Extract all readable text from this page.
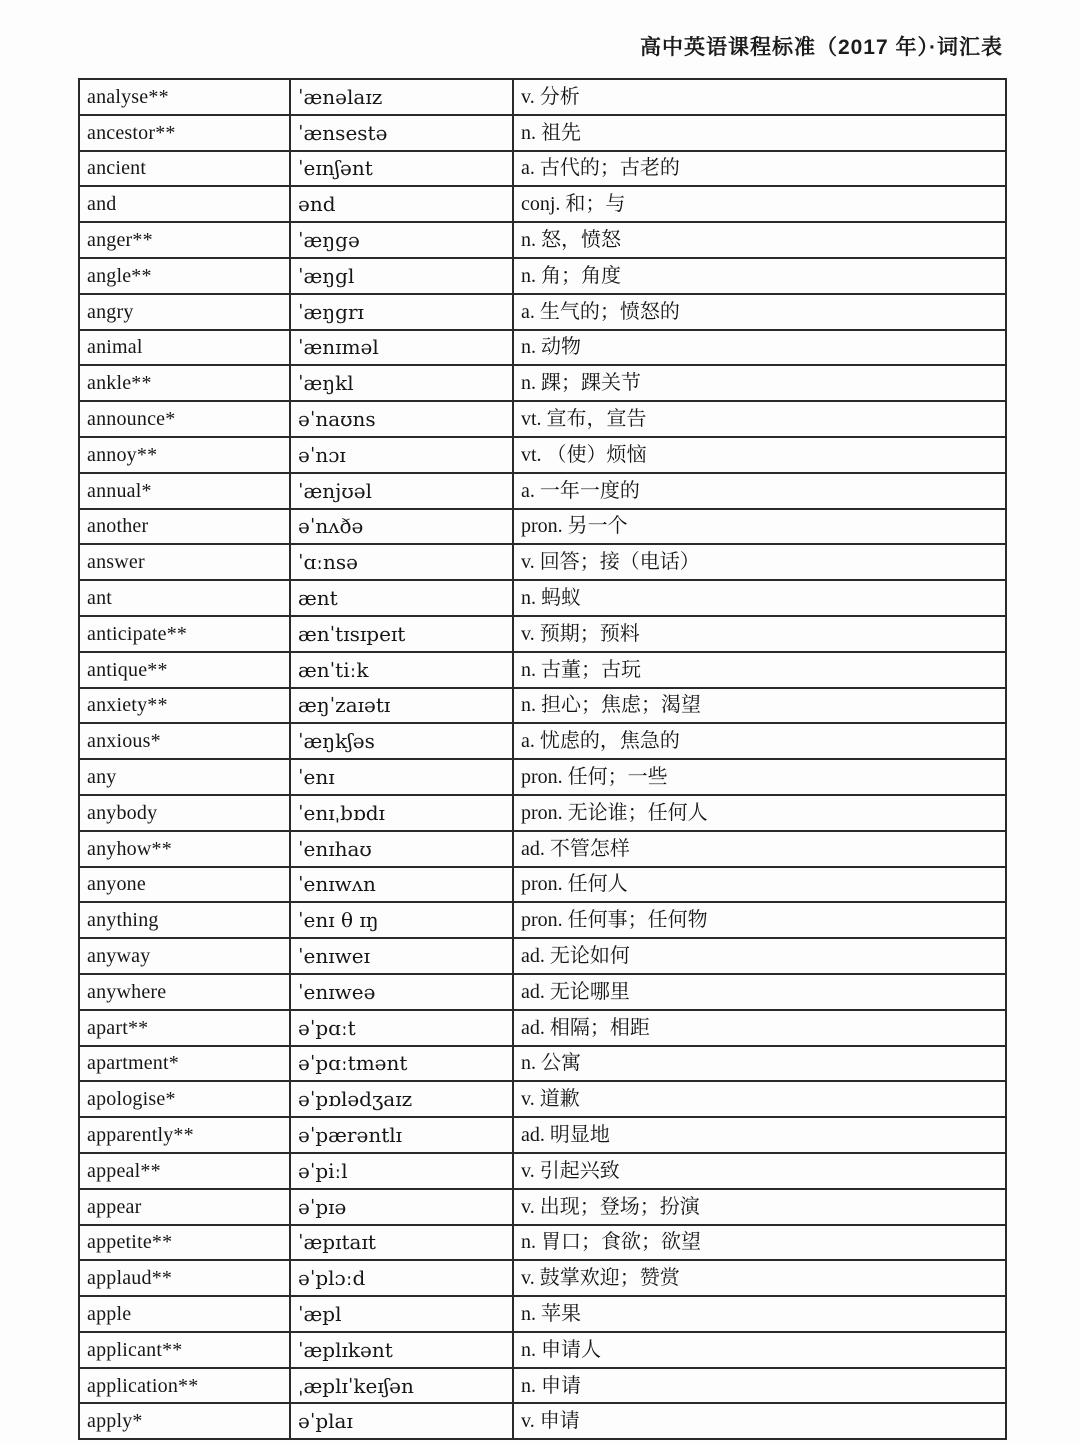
高中英语课程标准（2017 年）·词汇表
analyse**	ˈænəlaɪz	v. 分析
ancestor**	ˈænsestə	n. 祖先
ancient	ˈeɪnʃənt	a. 古代的；古老的
and	ənd	conj. 和；与
anger**	ˈæŋgə	n. 怒，愤怒
angle**	ˈæŋgl	n. 角；角度
angry	ˈæŋgrɪ	a. 生气的；愤怒的
animal	ˈænɪməl	n. 动物
ankle**	ˈæŋkl	n. 踝；踝关节
announce*	əˈnaʊns	vt. 宣布，宣告
annoy**	əˈnɔɪ	vt. （使）烦恼
annual*	ˈænjʊəl	a. 一年一度的
another	əˈnʌðə	pron. 另一个
answer	ˈɑːnsə	v. 回答；接（电话）
ant	ænt	n. 蚂蚁
anticipate**	ænˈtɪsɪpeɪt	v. 预期；预料
antique**	ænˈtiːk	n. 古董；古玩
anxiety**	æŋˈzaɪətɪ	n. 担心；焦虑；渴望
anxious*	ˈæŋkʃəs	a. 忧虑的，焦急的
any	ˈenɪ	pron. 任何；一些
anybody	ˈenɪˌbɒdɪ	pron. 无论谁；任何人
anyhow**	ˈenɪhaʊ	ad. 不管怎样
anyone	ˈenɪwʌn	pron. 任何人
anything	ˈenɪ θ ɪŋ	pron. 任何事；任何物
anyway	ˈenɪweɪ	ad. 无论如何
anywhere	ˈenɪweə	ad. 无论哪里
apart**	əˈpɑːt	ad. 相隔；相距
apartment*	əˈpɑːtmənt	n. 公寓
apologise*	əˈpɒlədʒaɪz	v. 道歉
apparently**	əˈpærəntlɪ	ad. 明显地
appeal**	əˈpiːl	v. 引起兴致
appear	əˈpɪə	v. 出现；登场；扮演
appetite**	ˈæpɪtaɪt	n. 胃口；食欲；欲望
applaud**	əˈplɔːd	v. 鼓掌欢迎；赞赏
apple	ˈæpl	n. 苹果
applicant**	ˈæplɪkənt	n. 申请人
application**	ˌæplɪˈkeɪʃən	n. 申请
apply*	əˈplaɪ	v. 申请
